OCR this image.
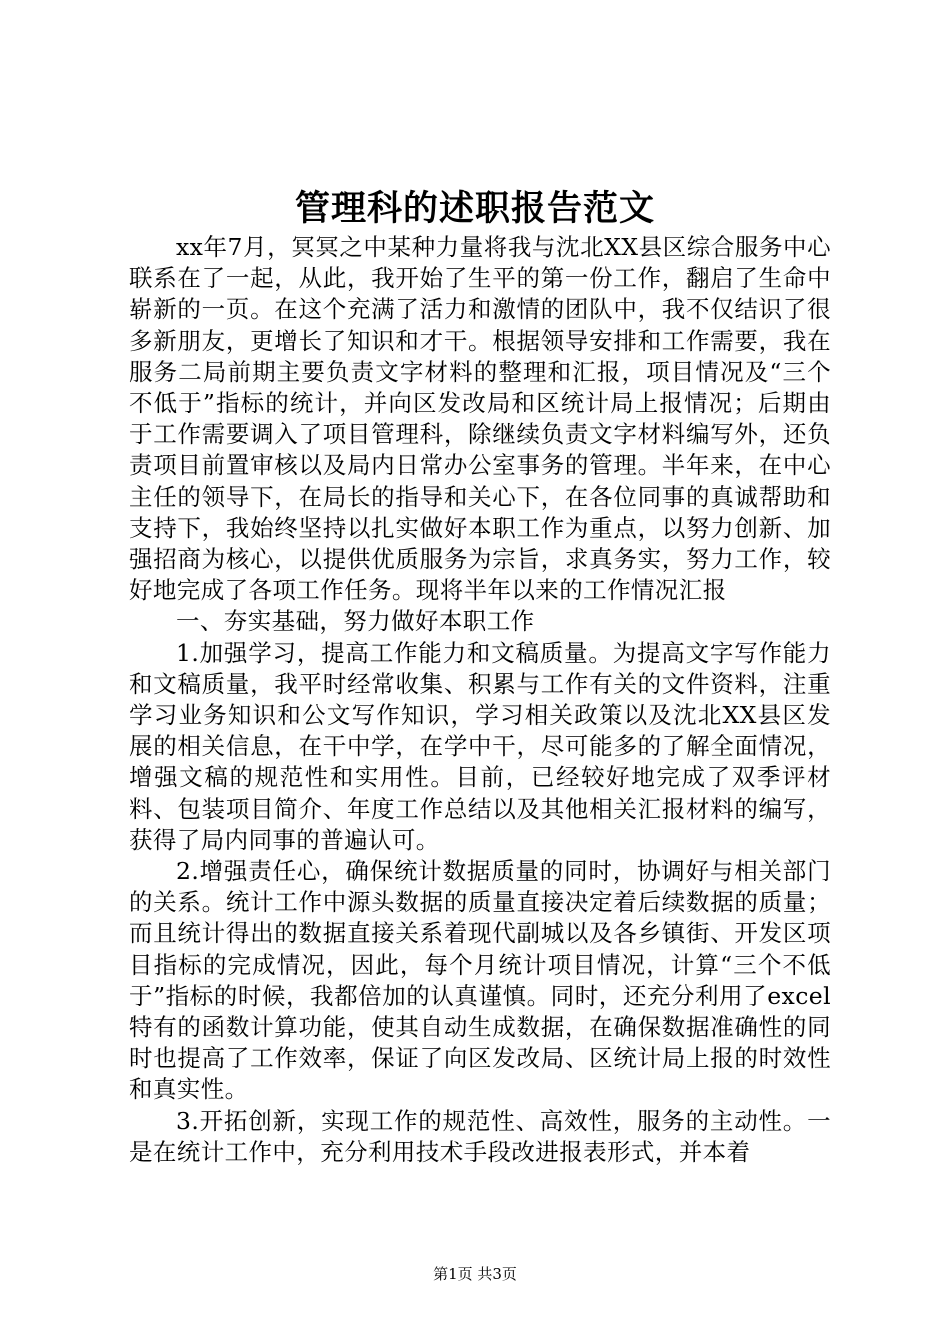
管理科的述职报告范文

xx年7月，冥冥之中某种力量将我与沈北XX县区综合服务中心联系在了一起，从此，我开始了生平的第一份工作，翻启了生命中崭新的一页。在这个充满了活力和激情的团队中，我不仅结识了很多新朋友，更增长了知识和才干。根据领导安排和工作需要，我在服务二局前期主要负责文字材料的整理和汇报，项目情况及“三个不低于”指标的统计，并向区发改局和区统计局上报情况；后期由于工作需要调入了项目管理科，除继续负责文字材料编写外，还负责项目前置审核以及局内日常办公室事务的管理。半年来，在中心主任的领导下，在局长的指导和关心下，在各位同事的真诚帮助和支持下，我始终坚持以扎实做好本职工作为重点，以努力创新、加强招商为核心，以提供优质服务为宗旨，求真务实，努力工作，较好地完成了各项工作任务。现将半年以来的工作情况汇报

一、夯实基础，努力做好本职工作

1.加强学习，提高工作能力和文稿质量。为提高文字写作能力和文稿质量，我平时经常收集、积累与工作有关的文件资料，注重学习业务知识和公文写作知识，学习相关政策以及沈北XX县区发展的相关信息，在干中学，在学中干，尽可能多的了解全面情况，增强文稿的规范性和实用性。目前，已经较好地完成了双季评材料、包装项目简介、年度工作总结以及其他相关汇报材料的编写，获得了局内同事的普遍认可。

2.增强责任心，确保统计数据质量的同时，协调好与相关部门的关系。统计工作中源头数据的质量直接决定着后续数据的质量；而且统计得出的数据直接关系着现代副城以及各乡镇街、开发区项目指标的完成情况，因此，每个月统计项目情况，计算“三个不低于”指标的时候，我都倍加的认真谨慎。同时，还充分利用了excel特有的函数计算功能，使其自动生成数据，在确保数据准确性的同时也提高了工作效率，保证了向区发改局、区统计局上报的时效性和真实性。

3.开拓创新，实现工作的规范性、高效性，服务的主动性。一是在统计工作中，充分利用技术手段改进报表形式，并本着

第1页 共3页
